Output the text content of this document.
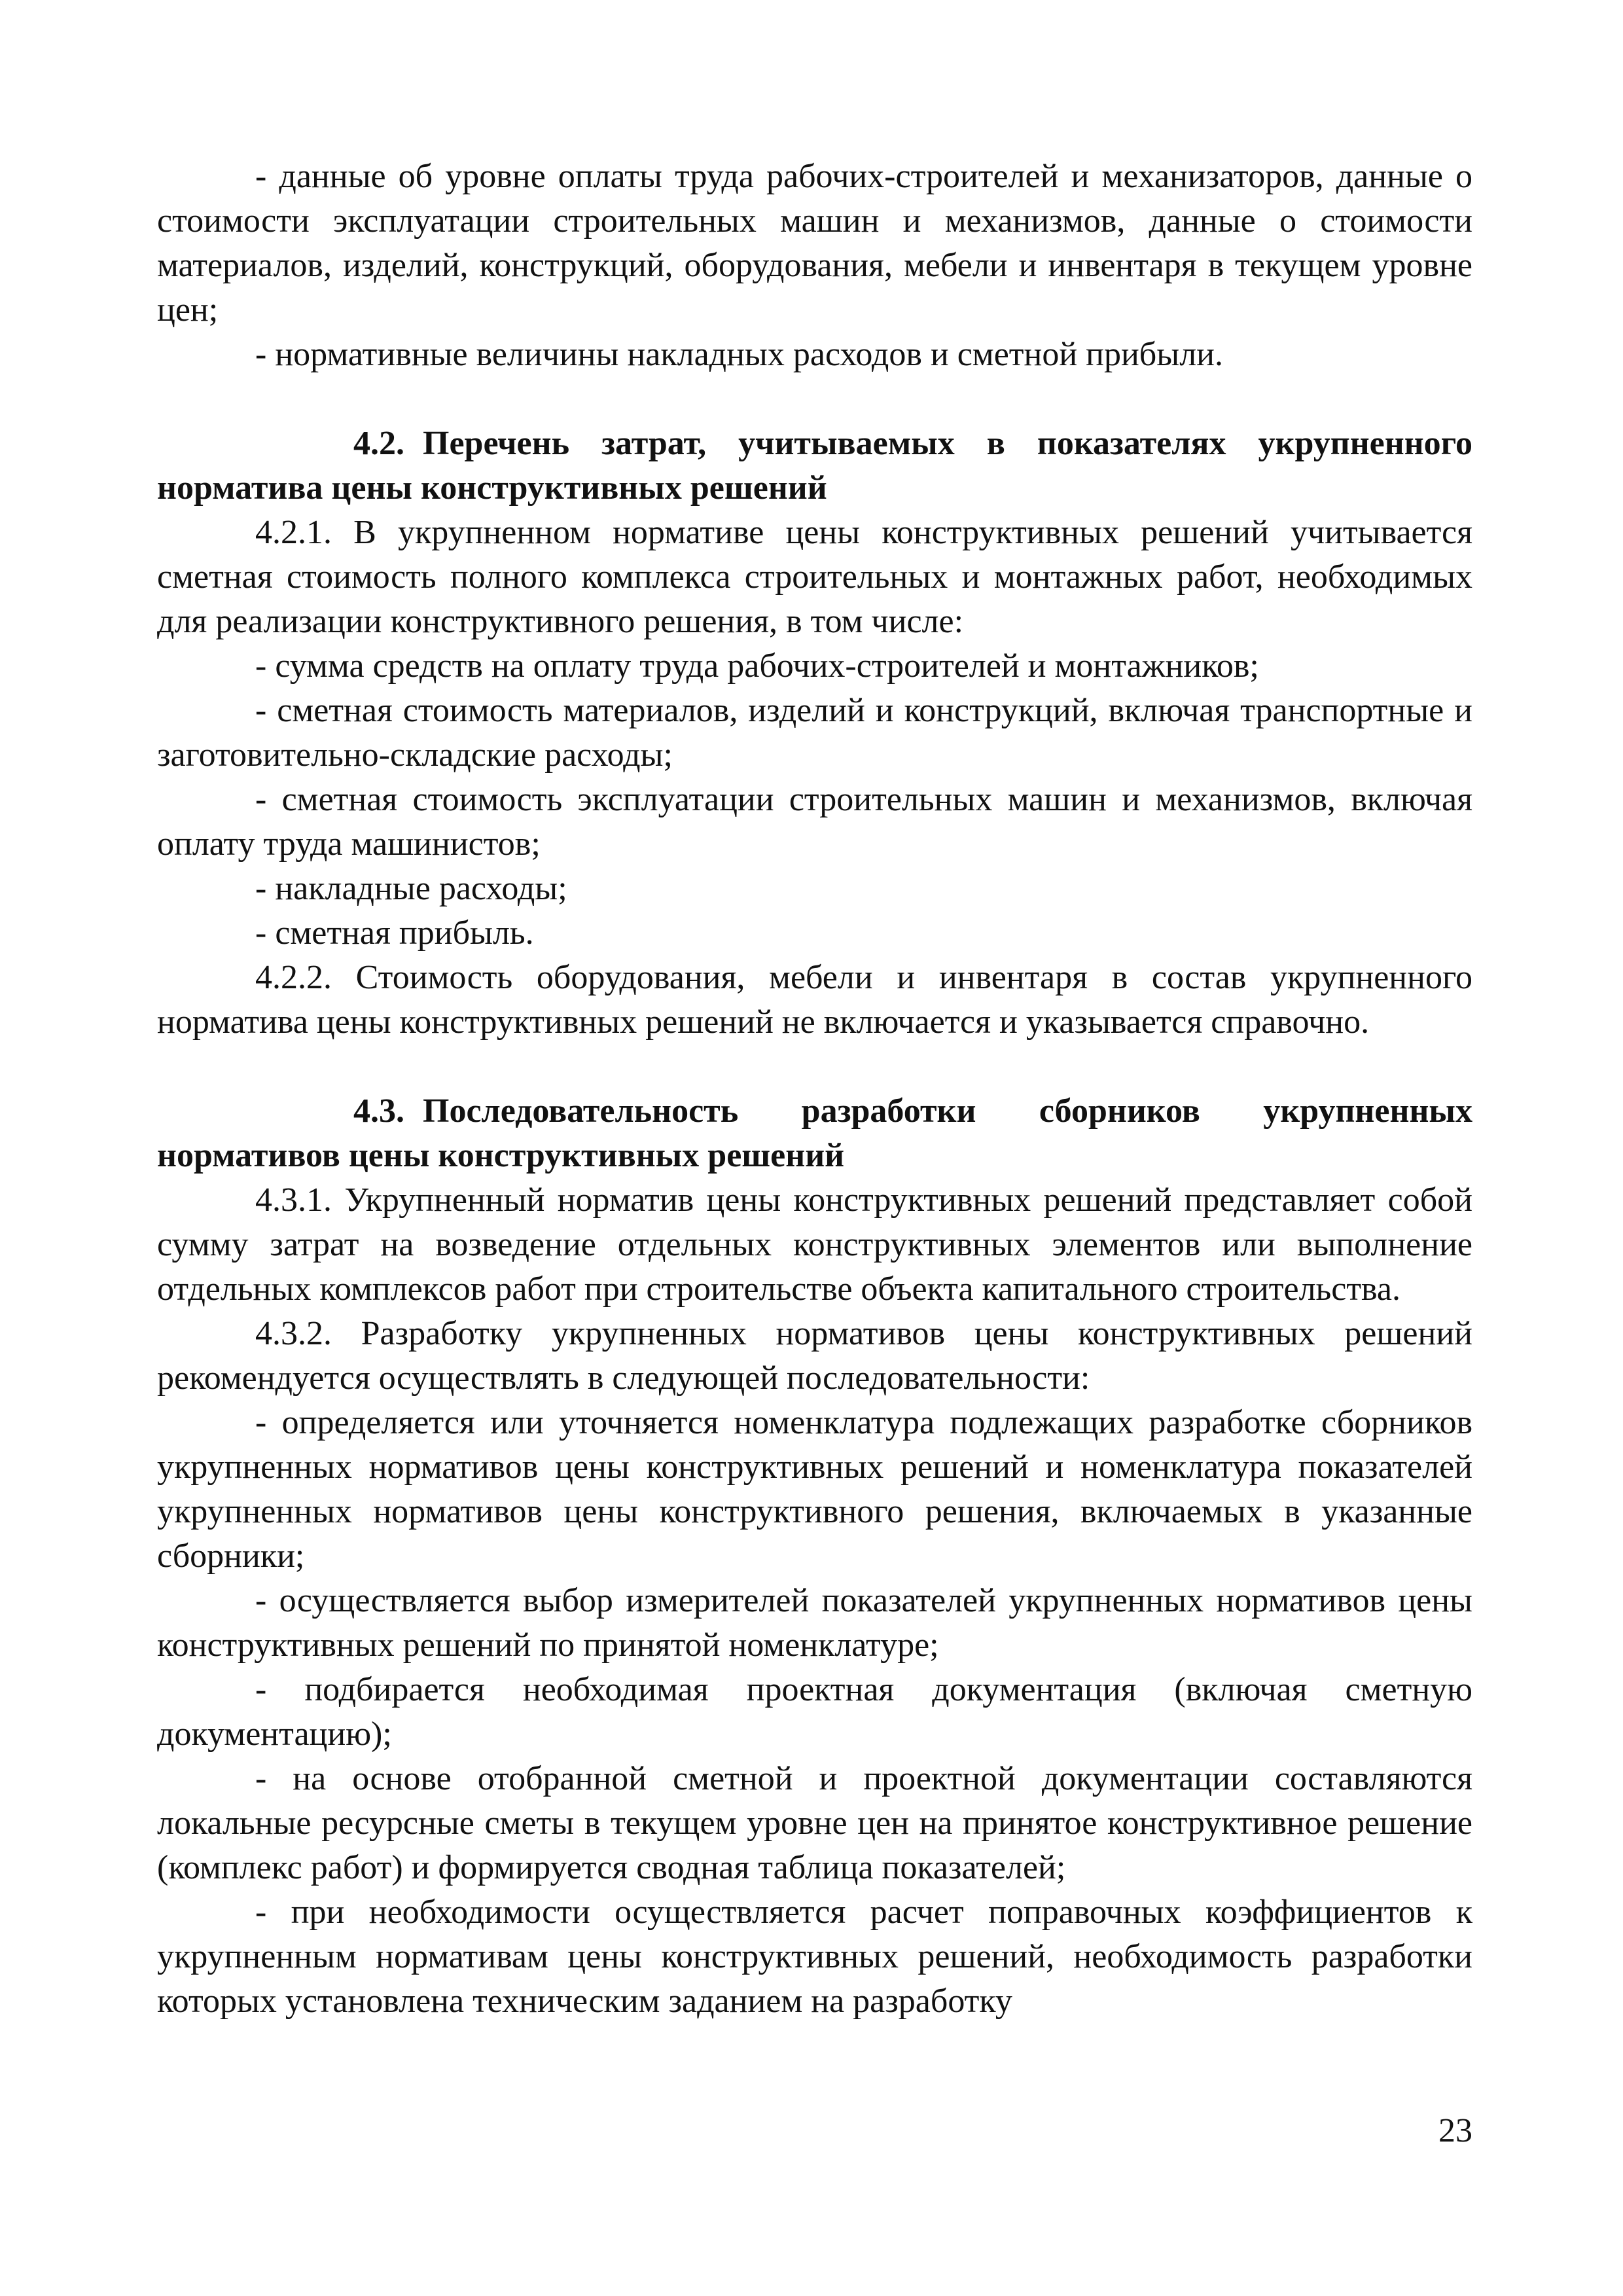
- данные об уровне оплаты труда рабочих-строителей и механизаторов, данные о стоимости эксплуатации строительных машин и механизмов, данные о стоимости материалов, изделий, конструкций, оборудования, мебели и инвентаря в текущем уровне цен;

- нормативные величины накладных расходов и сметной прибыли.

4.2. Перечень затрат, учитываемых в показателях укрупненного норматива цены конструктивных решений

4.2.1. В укрупненном нормативе цены конструктивных решений учитывается сметная стоимость полного комплекса строительных и монтажных работ, необходимых для реализации конструктивного решения, в том числе:

- сумма средств на оплату труда рабочих-строителей и монтажников;

- сметная стоимость материалов, изделий и конструкций, включая транспортные и заготовительно-складские расходы;

- сметная стоимость эксплуатации строительных машин и механизмов, включая оплату труда машинистов;

- накладные расходы;

- сметная прибыль.

4.2.2. Стоимость оборудования, мебели и инвентаря в состав укрупненного норматива цены конструктивных решений не включается и указывается справочно.

4.3. Последовательность разработки сборников укрупненных нормативов цены конструктивных решений

4.3.1. Укрупненный норматив цены конструктивных решений представляет собой сумму затрат на возведение отдельных конструктивных элементов или выполнение отдельных комплексов работ при строительстве объекта капитального строительства.

4.3.2. Разработку укрупненных нормативов цены конструктивных решений рекомендуется осуществлять в следующей последовательности:

- определяется или уточняется номенклатура подлежащих разработке сборников укрупненных нормативов цены конструктивных решений и номенклатура показателей укрупненных нормативов цены конструктивного решения, включаемых в указанные сборники;

- осуществляется выбор измерителей показателей укрупненных нормативов цены конструктивных решений по принятой номенклатуре;

- подбирается необходимая проектная документация (включая сметную документацию);

- на основе отобранной сметной и проектной документации составляются локальные ресурсные сметы в текущем уровне цен на принятое конструктивное решение (комплекс работ) и формируется сводная таблица показателей;

- при необходимости осуществляется расчет поправочных коэффициентов к укрупненным нормативам цены конструктивных решений, необходимость разработки которых установлена техническим заданием на разработку

23
